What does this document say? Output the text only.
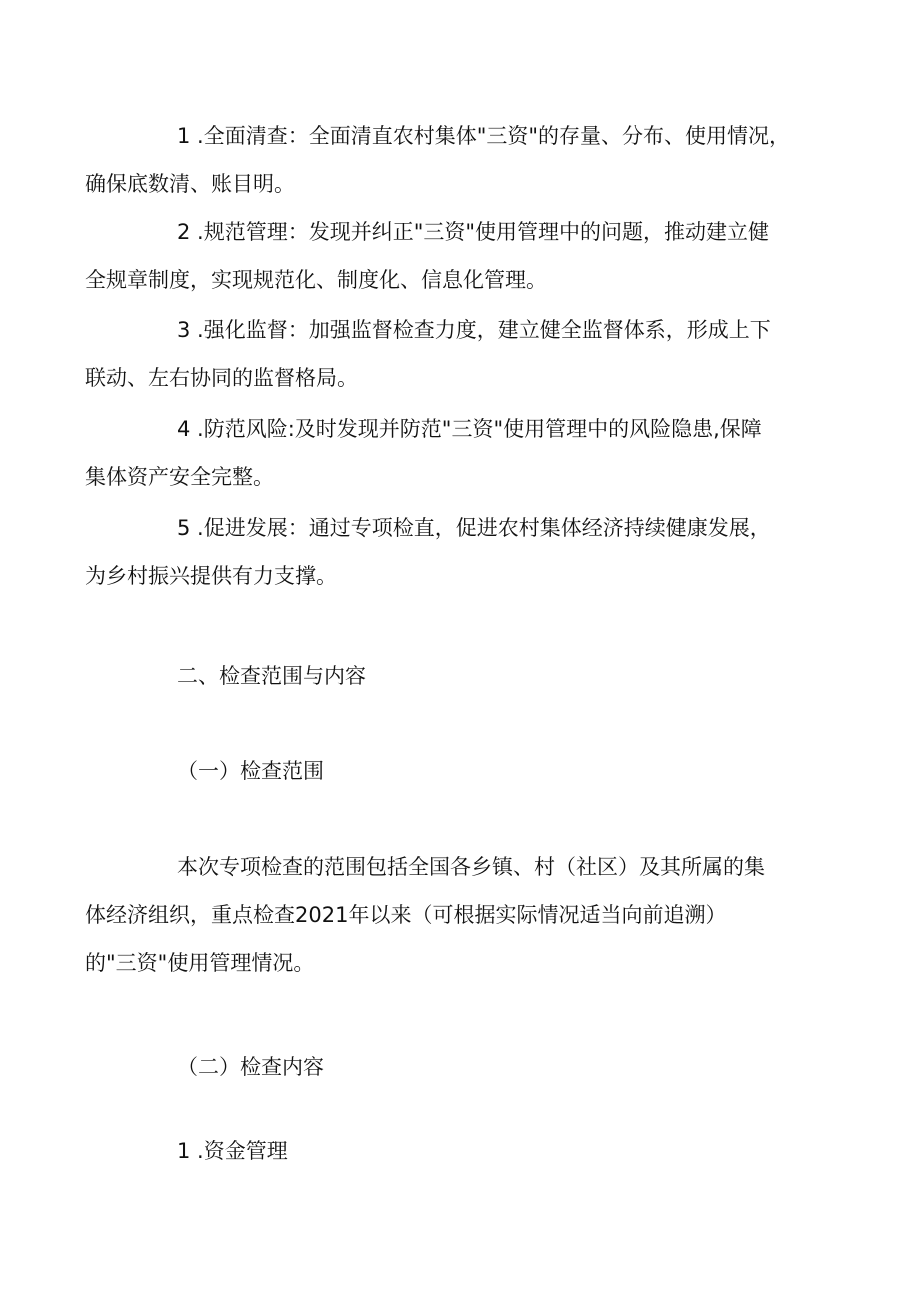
1 .全面清查：全面清直农村集体"三资"的存量、分布、使用情况，
确保底数清、账目明。
2 .规范管理：发现并纠正"三资"使用管理中的问题，推动建立健
全规章制度，实现规范化、制度化、信息化管理。
3 .强化监督：加强监督检查力度，建立健全监督体系，形成上下
联动、左右协同的监督格局。
4 .防范风险:及时发现并防范"三资"使用管理中的风险隐患,保障
集体资产安全完整。
5 .促进发展：通过专项检直，促进农村集体经济持续健康发展，
为乡村振兴提供有力支撑。
二、检查范围与内容
（一）检查范围
本次专项检查的范围包括全国各乡镇、村（社区）及其所属的集
体经济组织，重点检查2021年以来（可根据实际情况适当向前追溯）
的"三资"使用管理情况。
（二）检查内容

1 .资金管理
